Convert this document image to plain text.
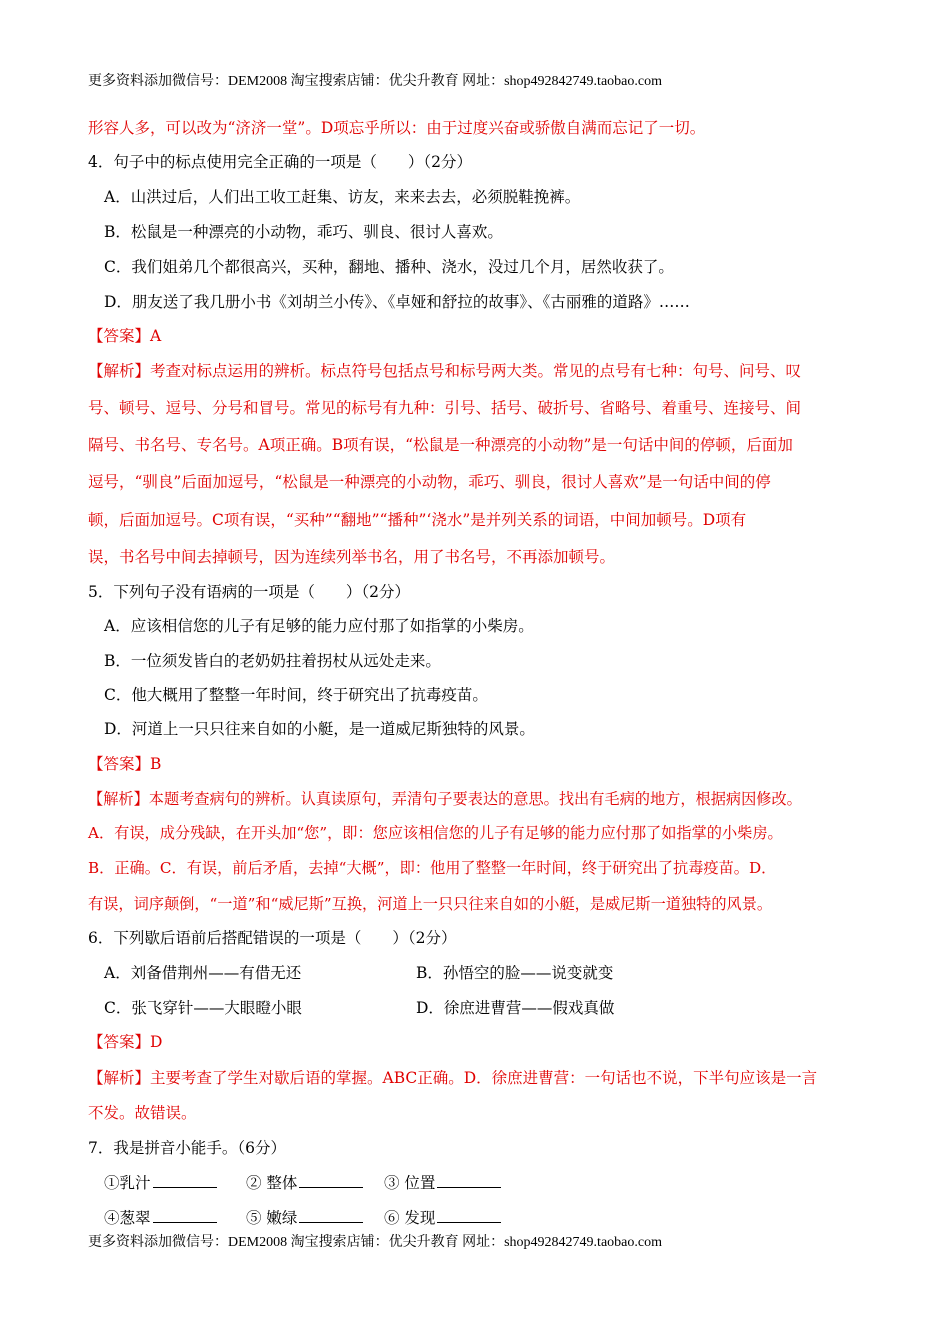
更多资料添加微信号：DEM2008 淘宝搜索店铺：优尖升教育 网址：shop492842749.taobao.com
形容人多，可以改为“济济一堂”。D项忘乎所以：由于过度兴奋或骄傲自满而忘记了一切。
4．句子中的标点使用完全正确的一项是（　　）（2分）
A．山洪过后，人们出工收工赶集、访友，来来去去，必须脱鞋挽裤。
B．松鼠是一种漂亮的小动物，乖巧、驯良、很讨人喜欢。
C．我们姐弟几个都很高兴，买种，翻地、播种、浇水，没过几个月，居然收获了。
D．朋友送了我几册小书《刘胡兰小传》、《卓娅和舒拉的故事》、《古丽雅的道路》……
【答案】A
【解析】考查对标点运用的辨析。标点符号包括点号和标号两大类。常见的点号有七种：句号、问号、叹
号、顿号、逗号、分号和冒号。常见的标号有九种：引号、括号、破折号、省略号、着重号、连接号、间
隔号、书名号、专名号。A项正确。B项有误，“松鼠是一种漂亮的小动物”是一句话中间的停顿，后面加
逗号，“驯良”后面加逗号，“松鼠是一种漂亮的小动物，乖巧、驯良，很讨人喜欢”是一句话中间的停
顿，后面加逗号。C项有误，“买种”“翻地”“播种”‘浇水”是并列关系的词语，中间加顿号。D项有
误，书名号中间去掉顿号，因为连续列举书名，用了书名号，不再添加顿号。
5．下列句子没有语病的一项是（　　）（2分）
A．应该相信您的儿子有足够的能力应付那了如指掌的小柴房。
B．一位须发皆白的老奶奶拄着拐杖从远处走来。
C．他大概用了整整一年时间，终于研究出了抗毒疫苗。
D．河道上一只只往来自如的小艇，是一道威尼斯独特的风景。
【答案】B
【解析】本题考查病句的辨析。认真读原句，弄清句子要表达的意思。找出有毛病的地方，根据病因修改。
A．有误，成分残缺，在开头加“您”，即：您应该相信您的儿子有足够的能力应付那了如指掌的小柴房。
B．正确。C．有误，前后矛盾，去掉“大概”，即：他用了整整一年时间，终于研究出了抗毒疫苗。D．
有误，词序颠倒，“一道”和“威尼斯”互换，河道上一只只往来自如的小艇，是威尼斯一道独特的风景。
6．下列歇后语前后搭配错误的一项是（　　）（2分）
A．刘备借荆州——有借无还	B．孙悟空的脸——说变就变
C．张飞穿针——大眼瞪小眼	D．徐庶进曹营——假戏真做
【答案】D
【解析】主要考查了学生对歇后语的掌握。ABC正确。D．徐庶进曹营：一句话也不说，下半句应该是一言
不发。故错误。
7．我是拼音小能手。（6分）
①乳汁	② 整体	③ 位置
④葱翠	⑤ 嫩绿	⑥ 发现
更多资料添加微信号：DEM2008 淘宝搜索店铺：优尖升教育 网址：shop492842749.taobao.com
